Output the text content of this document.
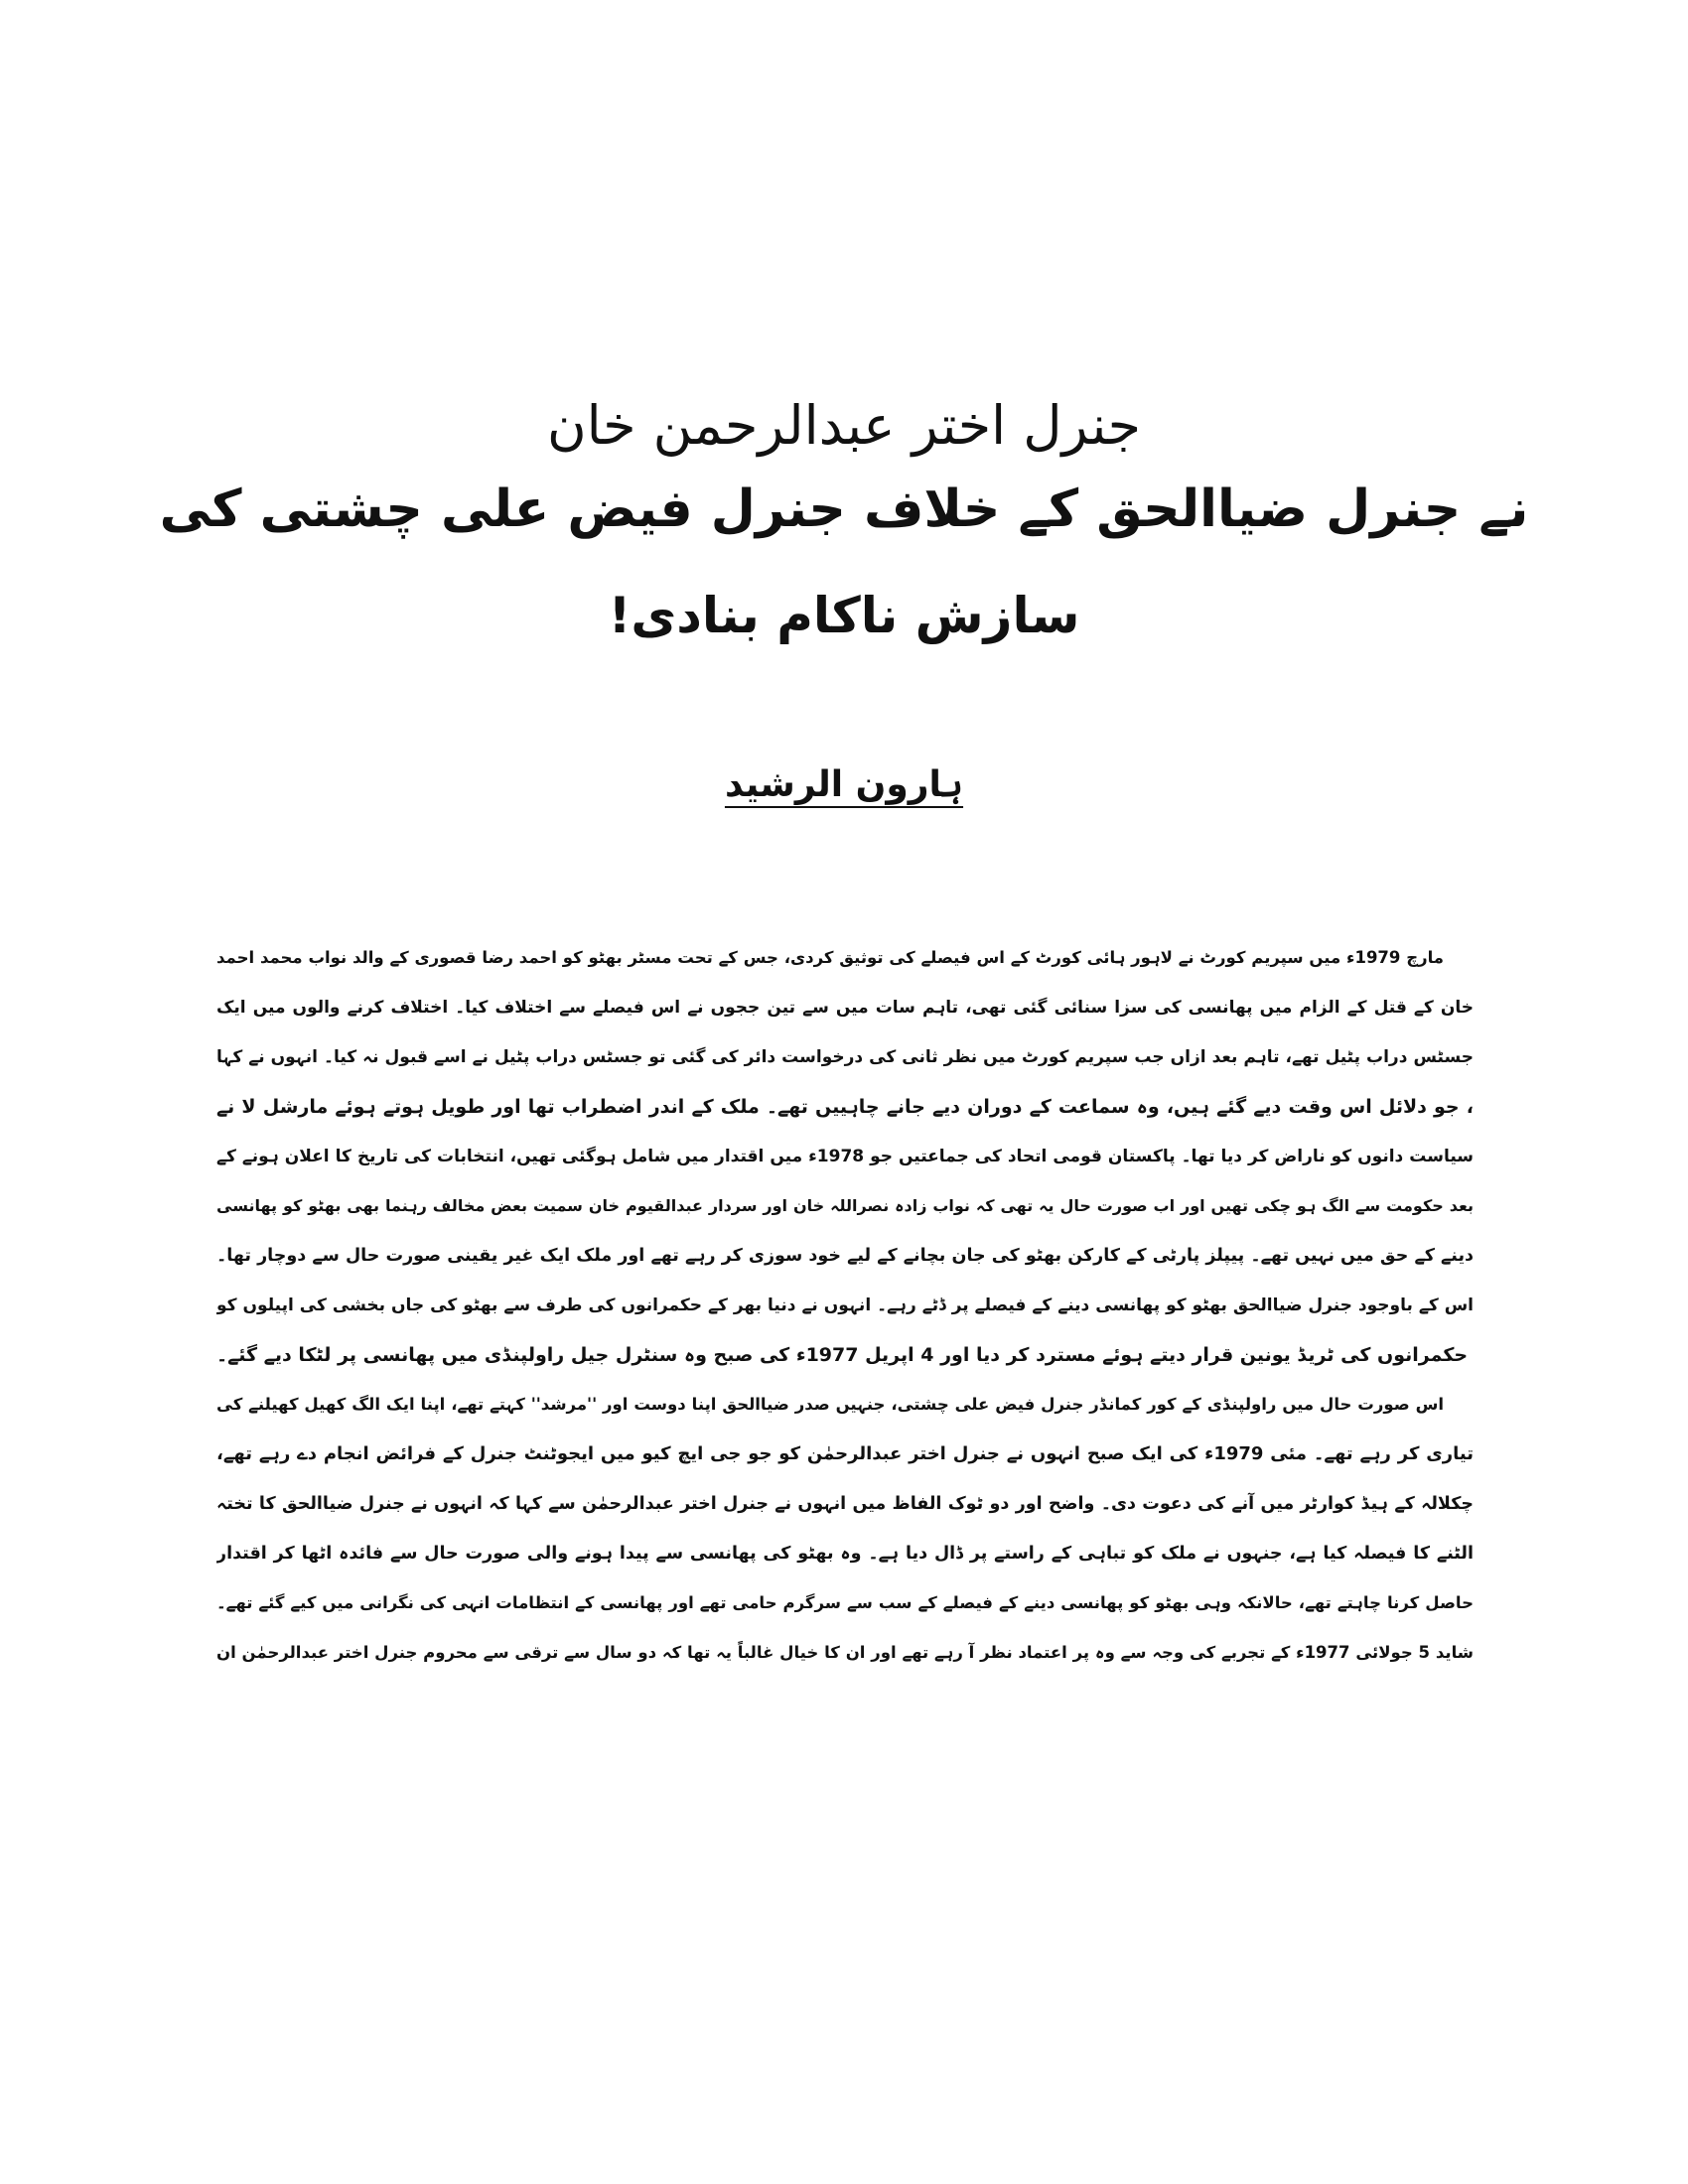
جنرل اختر عبدالرحمن خان
نے جنرل ضیاالحق کے خلاف جنرل فیض علی چشتی کی
سازش ناکام بنادی!
ہارون الرشید
مارچ 1979ء میں سپریم کورٹ نے لاہور ہائی کورٹ کے اس فیصلے کی توثیق کردی، جس کے تحت مسٹر بھٹو کو احمد رضا قصوری کے والد نواب محمد احمد
خان کے قتل کے الزام میں پھانسی کی سزا سنائی گئی تھی، تاہم سات میں سے تین ججوں نے اس فیصلے سے اختلاف کیا۔ اختلاف کرنے والوں میں ایک
جسٹس دراب پٹیل تھے، تاہم بعد ازاں جب سپریم کورٹ میں نظر ثانی کی درخواست دائر کی گئی تو جسٹس دراب پٹیل نے اسے قبول نہ کیا۔ انہوں نے کہا
، جو دلائل اس وقت دیے گئے ہیں، وہ سماعت کے دوران دیے جانے چاہییں تھے۔ ملک کے اندر اضطراب تھا اور طویل ہوتے ہوئے مارشل لا نے
سیاست دانوں کو ناراض کر دیا تھا۔ پاکستان قومی اتحاد کی جماعتیں جو 1978ء میں اقتدار میں شامل ہوگئی تھیں، انتخابات کی تاریخ کا اعلان ہونے کے
بعد حکومت سے الگ ہو چکی تھیں اور اب صورت حال یہ تھی کہ نواب زادہ نصراللہ خان اور سردار عبدالقیوم خان سمیت بعض مخالف رہنما بھی بھٹو کو پھانسی
دینے کے حق میں نہیں تھے۔ پیپلز پارٹی کے کارکن بھٹو کی جان بچانے کے لیے خود سوزی کر رہے تھے اور ملک ایک غیر یقینی صورت حال سے دوچار تھا۔
اس کے باوجود جنرل ضیاالحق بھٹو کو پھانسی دینے کے فیصلے پر ڈٹے رہے۔ انہوں نے دنیا بھر کے حکمرانوں کی طرف سے بھٹو کی جاں بخشی کی اپیلوں کو
حکمرانوں کی ٹریڈ یونین قرار دیتے ہوئے مسترد کر دیا اور 4 اپریل 1977ء کی صبح وہ سنٹرل جیل راولپنڈی میں پھانسی پر لٹکا دیے گئے۔
اس صورت حال میں راولپنڈی کے کور کمانڈر جنرل فیض علی چشتی، جنہیں صدر ضیاالحق اپنا دوست اور ''مرشد'' کہتے تھے، اپنا ایک الگ کھیل کھیلنے کی
تیاری کر رہے تھے۔ مئی 1979ء کی ایک صبح انہوں نے جنرل اختر عبدالرحمٰن کو جو جی ایچ کیو میں ایجوٹنٹ جنرل کے فرائض انجام دے رہے تھے،
چکلالہ کے ہیڈ کوارٹر میں آنے کی دعوت دی۔ واضح اور دو ٹوک الفاظ میں انہوں نے جنرل اختر عبدالرحمٰن سے کہا کہ انہوں نے جنرل ضیاالحق کا تختہ
الٹنے کا فیصلہ کیا ہے، جنہوں نے ملک کو تباہی کے راستے پر ڈال دیا ہے۔ وہ بھٹو کی پھانسی سے پیدا ہونے والی صورت حال سے فائدہ اٹھا کر اقتدار
حاصل کرنا چاہتے تھے، حالانکہ وہی بھٹو کو پھانسی دینے کے فیصلے کے سب سے سرگرم حامی تھے اور پھانسی کے انتظامات انہی کی نگرانی میں کیے گئے تھے۔
شاید 5 جولائی 1977ء کے تجربے کی وجہ سے وہ پر اعتماد نظر آ رہے تھے اور ان کا خیال غالباً یہ تھا کہ دو سال سے ترقی سے محروم جنرل اختر عبدالرحمٰن ان
